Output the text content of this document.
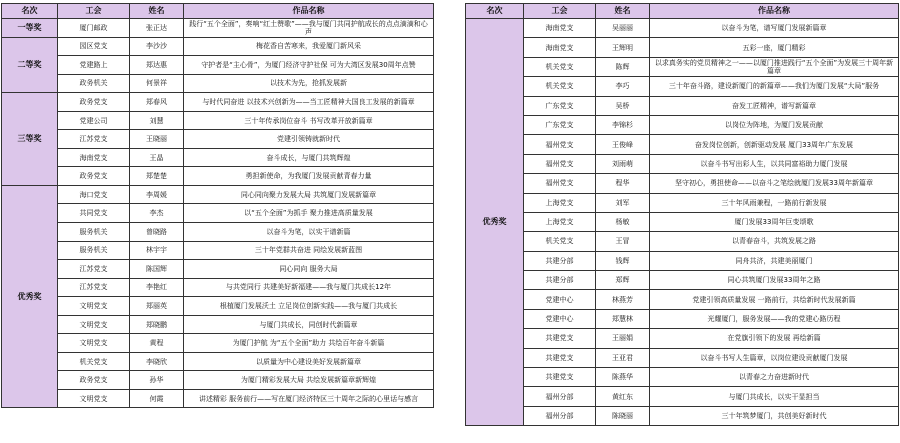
名次	工会	姓名	作品名称
一等奖	厦门邮政	张正达	践行“五个全面”，奏响“红土赞歌”——我与厦门共同护航成长的点点滴滴和心声
二等奖	园区党支	李沙沙	梅花香自苦寒来，我爱厦门新风采
	党建路上	郑达惠	守护者是“主心骨”，为厦门经济守护社保 可为大湾区发展30周年点赞
	政务机关	何景祥	以技术为先，抢抓发展新
三等奖	政务党支	郑春风	与时代同奋进 以技术兴创新为——当工匠精神大国良工发展的新篇章
	党建公司	刘慧	三十年传承岗位奋斗 书写改革开放新篇章
	江苏党支	王晓丽	党建引领铸就新时代
	海南党支	王晶	奋斗成长，与厦门共筑辉煌
	政务党支	郑楚楚	勇担新使命，为我厦门发展贡献青春力量
优秀奖	海口党支	李周媛	同心同向聚力发展大局 共筑厦门发展新篇章
	共同党支	李杰	以“五个全面”为抓手 聚力推进高质量发展
	服务机关	曾晓路	以奋斗为笔，以实干谱新篇
	服务机关	林宇宇	三十年党群共奋进 同绘发展新蓝图
	江苏党支	陈国辉	同心同向 服务大局
	江苏党支	李艳红	与共党同行 共建美好新福建——我与厦门共成长12年
	文明党支	郑丽英	根植厦门发展沃土 立足岗位创新实践——我与厦门共成长
	文明党支	郑晓鹏	与厦门共成长，同创时代新篇章
	文明党支	黄程	为厦门护航 为“五个全面”助力 共绘百年奋斗新篇
	机关党支	李晓欣	以质量为中心建设美好发展新篇章
	政务党支	孙华	为厦门精彩发展大局 共绘发展新篇章新辉煌
	文明党支	何霞	讲述精彩 服务前行——写在厦门经济特区三十周年之际的心里话与感言
名次	工会	姓名	作品名称
优秀奖	海南党支	吴丽丽	以奋斗为笔，谱写厦门发展新篇章
	海南党支	王辉明	五彩一座，厦门精彩
	机关党支	陈辉	以求真务实的党员精神之一——以厦门推进践行“五个全面”为发展三十周年新篇章
	机关党支	李巧	三十年奋斗路，建设新厦门的新篇章——我们为厦门发展“大局”服务
	广东党支	吴桥	奋发工匠精神，谱写新篇章
	广东党支	李锦杉	以岗位为阵地，为厦门发展贡献
	福州党支	王俊峰	奋发岗位创新，创新驱动发展 厦门33周年广东发展
	福州党支	刘雨萌	以奋斗书写出彩人生，以共同富裕助力厦门发展
	福州党支	程华	坚守初心，勇担使命——以奋斗之笔绘就厦门发展33周年新篇章
	上海党支	刘军	三十年风雨兼程，一路前行新发展
	上海党支	杨敏	厦门发展33周年巨变颂歌
	机关党支	王冒	以青春奋斗，共筑发展之路
	共建分部	钱辉	同舟共济，共建美丽厦门
	共建分部	郑辉	同心共筑厦门发展33周年之路
	党建中心	林燕芳	党建引领高质量发展 一路前行，共绘新时代发展新篇
	党建中心	郑慧林	光耀厦门，服务发展——我的党建心路历程
	共建党支	王丽娟	在党旗引领下的发展 再绘新篇
	共建党支	王亚君	以奋斗书写人生篇章，以岗位建设贡献厦门发展
	共建党支	陈燕华	以青春之力奋进新时代
	福州分部	黄红东	与厦门共成长，以实干显担当
	福州分部	陈晓丽	三十年筑梦厦门，共创美好新时代
